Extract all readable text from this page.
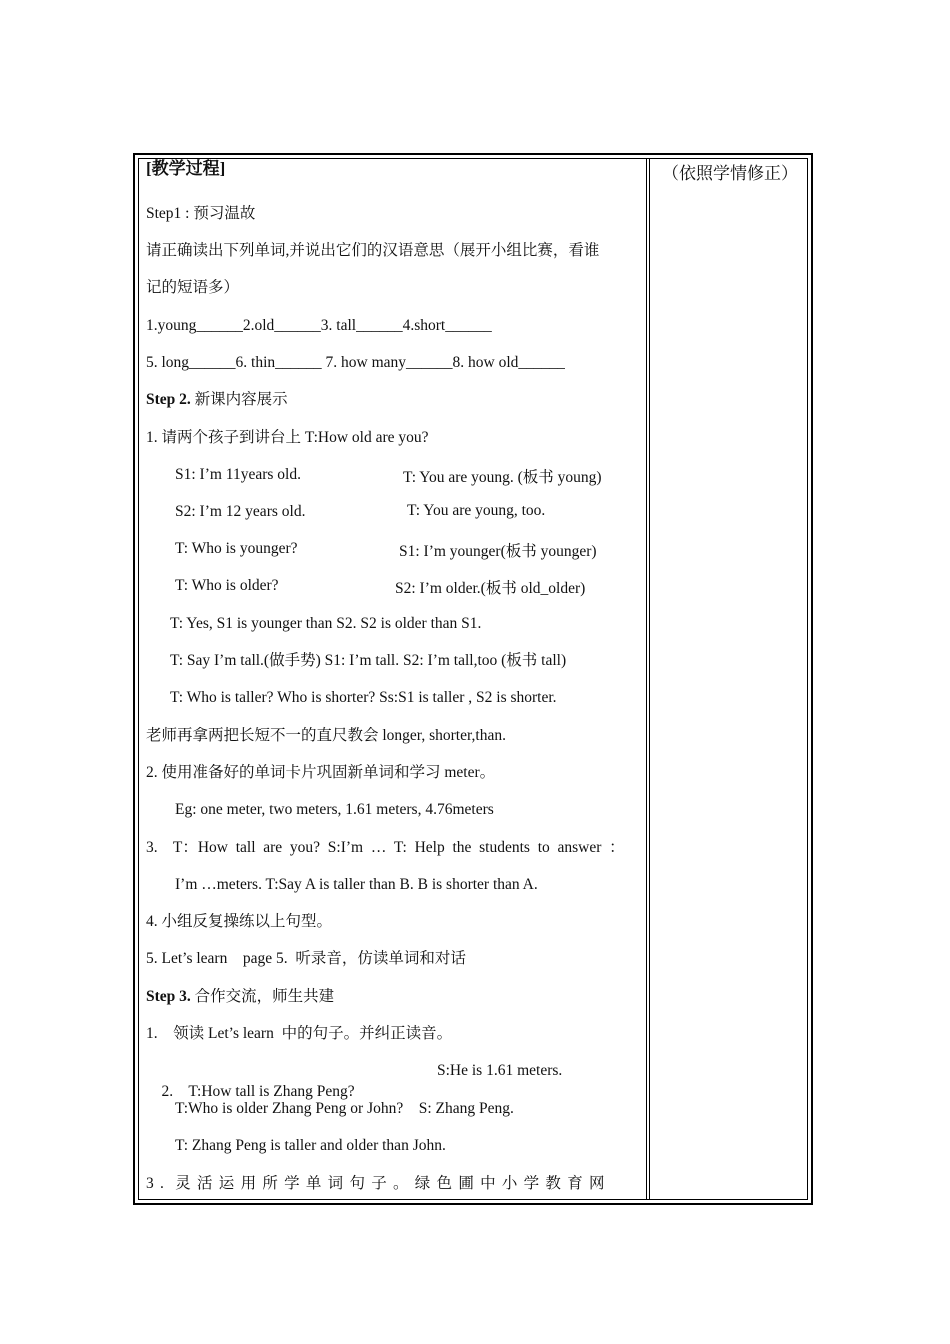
（依照学情修正）
[教学过程]
Step1 : 预习温故
请正确读出下列单词,并说出它们的汉语意思（展开小组比赛，看谁
记的短语多）
1.young______2.old______3. tall______4.short______
5. long______6. thin______ 7. how many______8. how old______
Step 2. 新课内容展示
1. 请两个孩子到讲台上 T:How old are you?
S1: I’m 11years old.	T: You are young. (板书 young)
S2: I’m 12 years old.	T: You are young, too.
T: Who is younger?	S1: I’m younger(板书 younger)
T: Who is older?	S2: I’m older.(板书 old_older)
T: Yes, S1 is younger than S2. S2 is older than S1.
T: Say I’m tall.(做手势) S1: I’m tall. S2: I’m tall,too (板书 tall)
T: Who is taller? Who is shorter? Ss:S1 is taller , S2 is shorter.
老师再拿两把长短不一的直尺教会 longer, shorter,than.
2. 使用准备好的单词卡片巩固新单词和学习 meter。
Eg: one meter, two meters, 1.61 meters, 4.76meters
3.    T：How  tall  are  you?  S:I’m  …  T:  Help  the  students  to  answer  ：
I’m …meters. T:Say A is taller than B. B is shorter than A.
4. 小组反复操练以上句型。
5. Let’s learn    page 5.  听录音，仿读单词和对话
Step 3. 合作交流，师生共建
1.    领读 Let’s learn  中的句子。并纠正读音。

2.    T:How tall is Zhang Peng?

S:He is 1.61 meters.
T:Who is older Zhang Peng or John?    S: Zhang Peng.
T: Zhang Peng is taller and older than John.
3 .  灵 活 运 用 所 学 单 词 句 子 。 绿 色 圃 中 小 学 教 育 网
